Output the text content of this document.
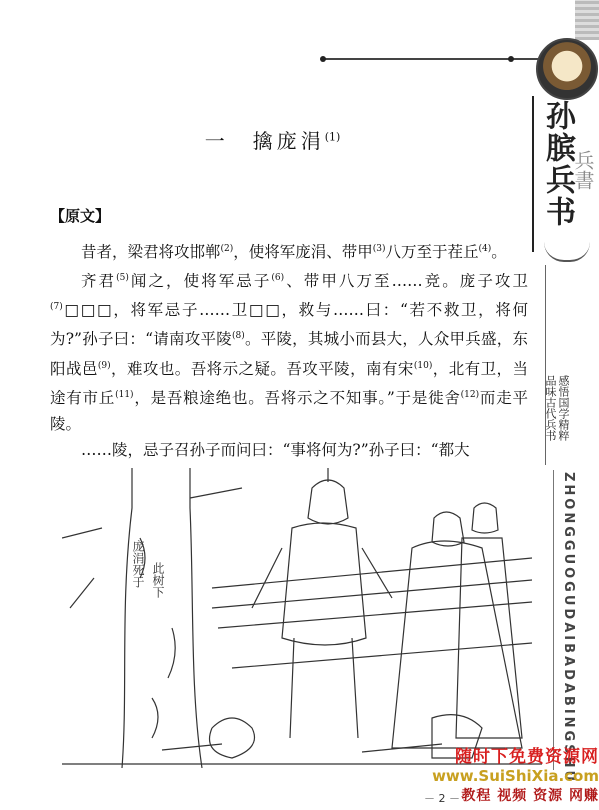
孙膑兵书
兵書
感悟国学精粹
品味古代兵书
ZHONGGUOGUDAIBADABINGSHU
一　擒庞涓$^{(1)}$
【原文】

昔者，梁君将攻邯郸$^{(2)}$，使将军庞涓、带甲$^{(3)}$八万至于茬丘$^{(4)}$。

齐君$^{(5)}$闻之，使将军忌子$^{(6)}$、带甲八万至……竞。庞子攻卫$^{(7)}$□□□，将军忌子……卫□□，救与……曰：“若不救卫，将何为?”孙子曰：“请南攻平陵$^{(8)}$。平陵，其城小而县大，人众甲兵盛，东阳战邑$^{(9)}$，难攻也。吾将示之疑。吾攻平陵，南有宋$^{(10)}$，北有卫，当途有市丘$^{(11)}$，是吾粮途绝也。吾将示之不知事。”于是徙舍$^{(12)}$而走平陵。

……陵，忌子召孙子而问曰：“事将何为?”孙子曰：“都大

庞涓死于 此树下
随时下免费资源网
www.SuiShiXia.com
教程 视频 资源 网赚
－ 2 －
